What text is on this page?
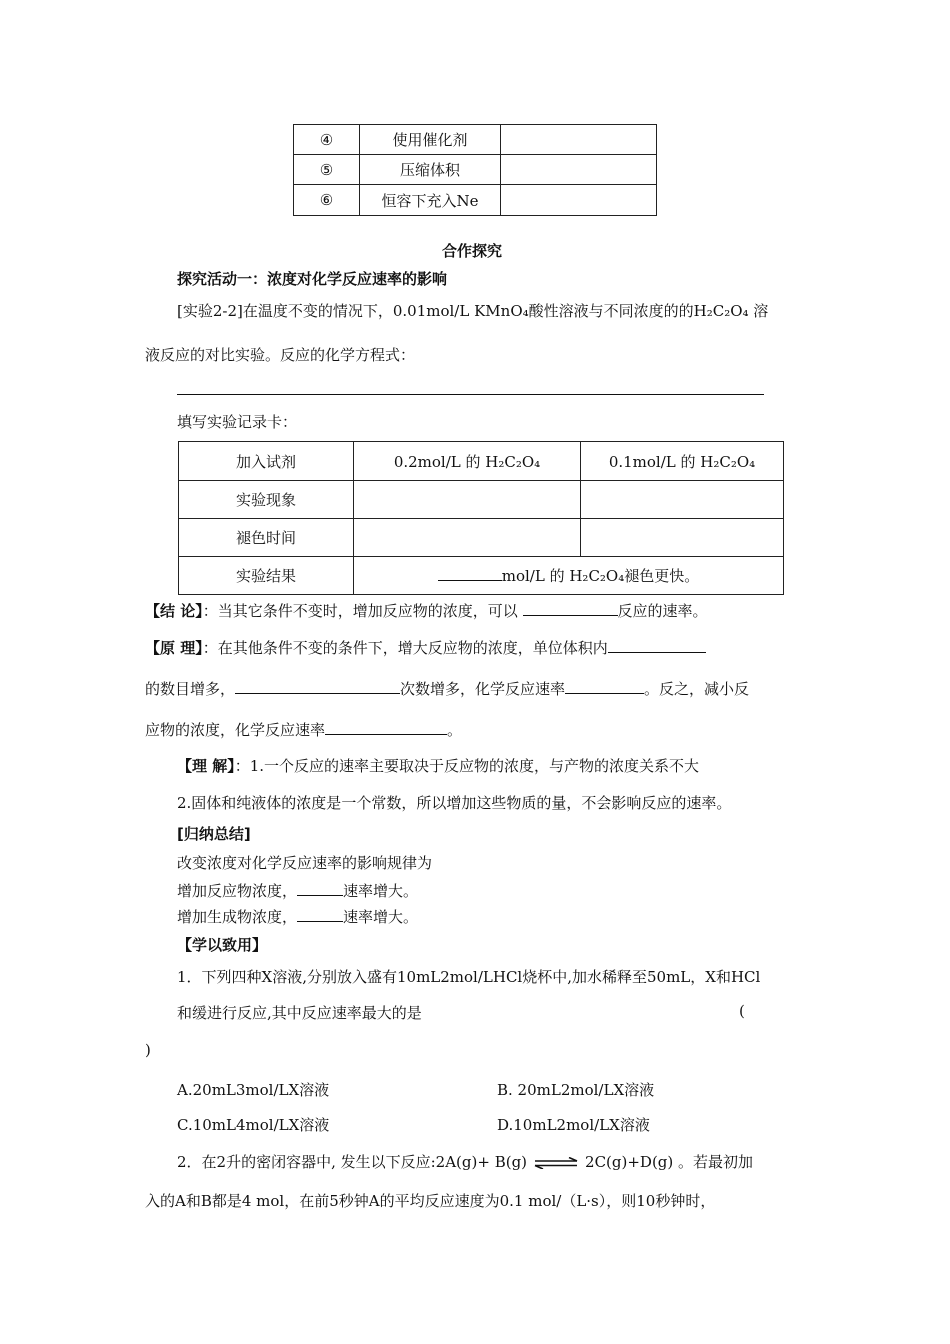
④	使用催化剂	
⑤	压缩体积	
⑥	恒容下充入Ne	
合作探究
探究活动一：浓度对化学反应速率的影响
[实验2-2]在温度不变的情况下，0.01mol/L KMnO₄酸性溶液与不同浓度的的H₂C₂O₄ 溶
液反应的对比实验。反应的化学方程式：
填写实验记录卡：
加入试剂	0.2mol/L 的 H₂C₂O₄	0.1mol/L 的 H₂C₂O₄
实验现象		
褪色时间		
实验结果	mol/L 的 H₂C₂O₄褪色更快。	
【结 论】：当其它条件不变时，增加反应物的浓度，可以	反应的速率。
【原 理】：在其他条件不变的条件下，增大反应物的浓度，单位体积内
的数目增多，	次数增多，化学反应速率	。反之，减小反
应物的浓度，化学反应速率	。
【理 解】：1.一个反应的速率主要取决于反应物的浓度，与产物的浓度关系不大
2.固体和纯液体的浓度是一个常数，所以增加这些物质的量，不会影响反应的速率。
[归纳总结]
改变浓度对化学反应速率的影响规律为
增加反应物浓度，	速率增大。
增加生成物浓度，	速率增大。
【学以致用】
1．下列四种X溶液,分别放入盛有10mL2mol/LHCl烧杯中,加水稀释至50mL，X和HCl
和缓进行反应,其中反应速率最大的是	(
)
A.20mL3mol/LX溶液	B. 20mL2mol/LX溶液
C.10mL4mol/LX溶液	D.10mL2mol/LX溶液
2．在2升的密闭容器中, 发生以下反应:2A(g)+ B(g) ⇌ 2C(g)+D(g) 。若最初加
入的A和B都是4 mol，在前5秒钟A的平均反应速度为0.1 mol/（L·s），则10秒钟时，
